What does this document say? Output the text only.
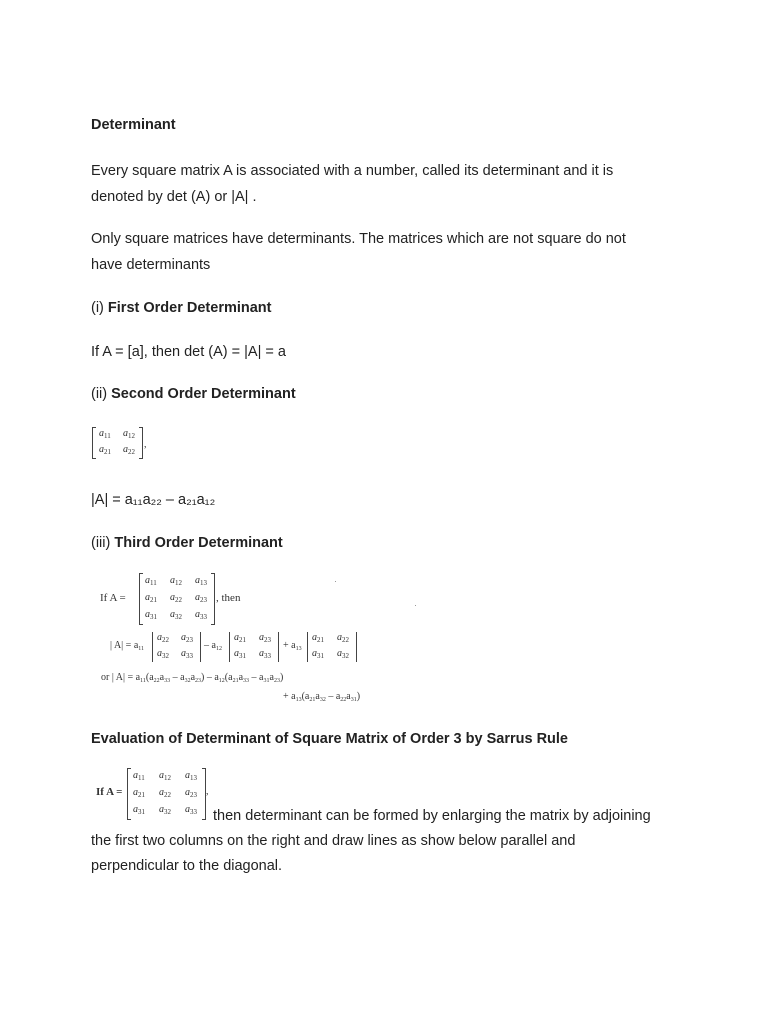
Determinant
Every square matrix A is associated with a number, called its determinant and it is
denoted by det (A) or |A| .
Only square matrices have determinants. The matrices which are not square do not
have determinants
(i) First Order Determinant
If A = [a], then det (A) = |A| = a
(ii) Second Order Determinant
$a_{11}$ $a_{12}$
$a_{21}$ $a_{22}$
,
|A| = a₁₁a₂₂ – a₂₁a₁₂
(iii) Third Order Determinant
If A =
$a_{11}$ $a_{12}$ $a_{13}$
$a_{21}$ $a_{22}$ $a_{23}$
$a_{31}$ $a_{32}$ $a_{33}$
, then
| $A| = a_{11}$
$a_{22}$ $a_{23}$
$a_{32}$ $a_{33}$
– $a_{12}$
$a_{21}$ $a_{23}$
$a_{31}$ $a_{33}$
+ $a_{13}$
$a_{21}$ $a_{22}$
$a_{31}$ $a_{32}$
or | $A| = a_{11}(a_{22}a_{33} - a_{32}a_{23}) - a_{12}(a_{21}a_{33} - a_{31}a_{23})$
+ $a_{13}(a_{21}a_{32} - a_{22}a_{31})$
Evaluation of Determinant of Square Matrix of Order 3 by Sarrus Rule
If A =
$a_{11}$ $a_{12}$ $a_{13}$
$a_{21}$ $a_{22}$ $a_{23}$
$a_{31}$ $a_{32}$ $a_{33}$
,
then determinant can be formed by enlarging the matrix by adjoining
the first two columns on the right and draw lines as show below parallel and
perpendicular to the diagonal.
